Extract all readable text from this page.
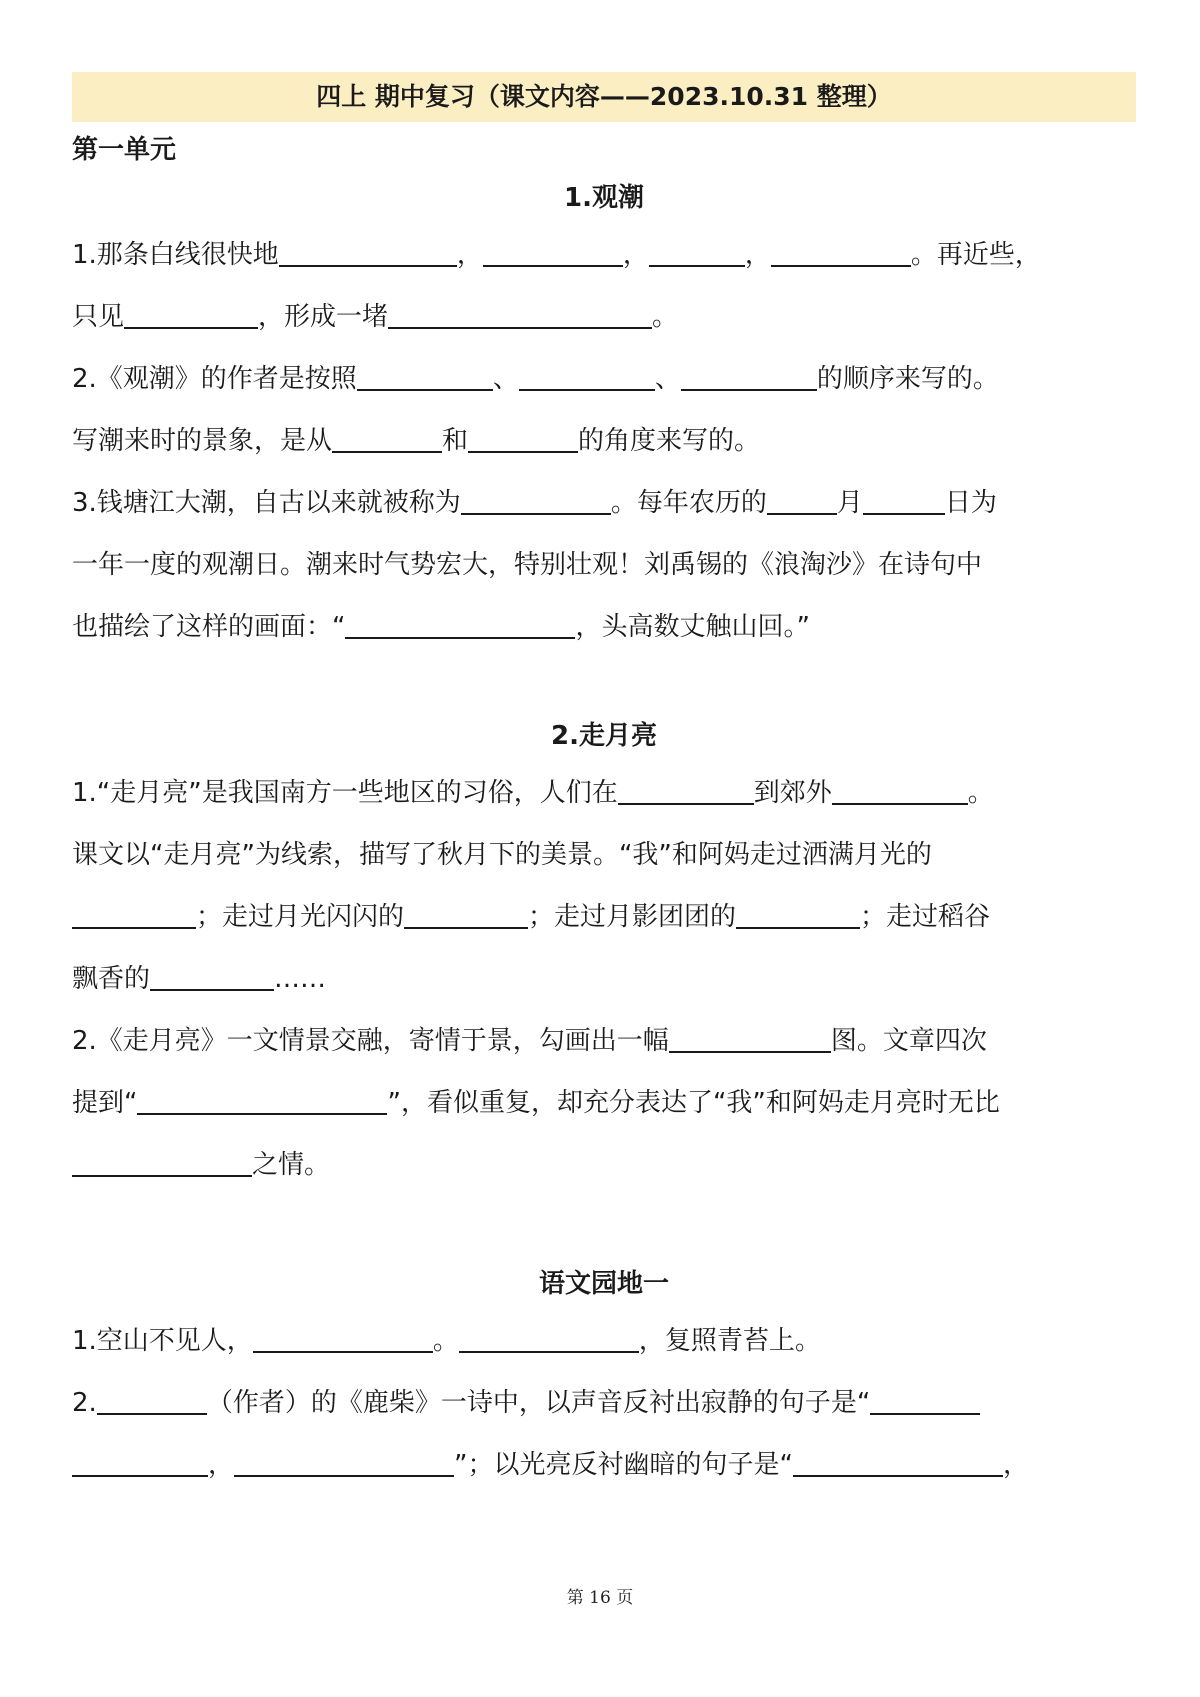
四上 期中复习（课文内容——2023.10.31 整理）
第一单元
1.观潮
1.那条白线很快地	，	，	，	。再近些，
只见	，形成一堵	。
2.《观潮》的作者是按照	、	、	的顺序来写的。
写潮来时的景象，是从	和	的角度来写的。
3.钱塘江大潮，自古以来就被称为	。每年农历的	月	日为
一年一度的观潮日。潮来时气势宏大，特别壮观！刘禹锡的《浪淘沙》在诗句中
也描绘了这样的画面：“	，头高数丈触山回。”
2.走月亮
1.“走月亮”是我国南方一些地区的习俗，人们在	到郊外	。
课文以“走月亮”为线索，描写了秋月下的美景。“我”和阿妈走过洒满月光的
；走过月光闪闪的	；走过月影团团的	；走过稻谷
飘香的	……
2.《走月亮》一文情景交融，寄情于景，勾画出一幅	图。文章四次
提到“	”，看似重复，却充分表达了“我”和阿妈走月亮时无比
之情。
语文园地一
1.空山不见人，	。	，复照青苔上。
2.	（作者）的《鹿柴》一诗中，以声音反衬出寂静的句子是“
，	”；以光亮反衬幽暗的句子是“	，
第 16 页
